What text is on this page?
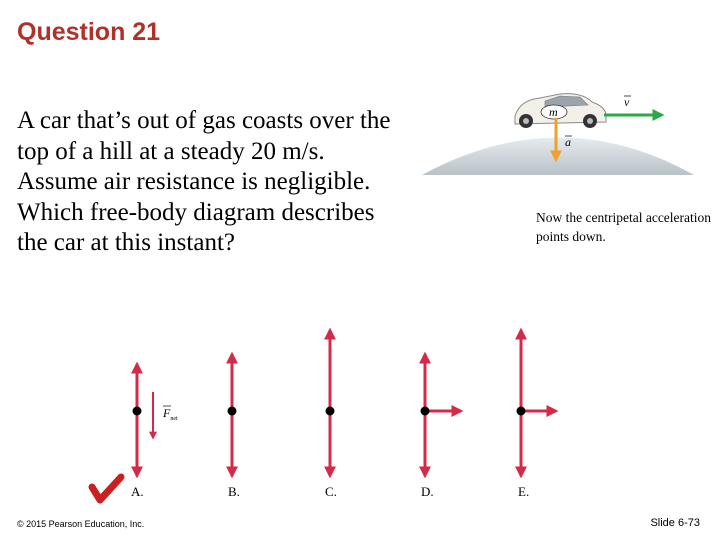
Question 21
A car that’s out of gas coasts over the top of a hill at a steady 20 m/s. Assume air resistance is negligible. Which free-body diagram describes the car at this instant?
Now the centripetal acceleration points down.
m
v
a
$F_{net}$
A.	B.	C.	D.	E.
© 2015 Pearson Education, Inc.	Slide 6-73
